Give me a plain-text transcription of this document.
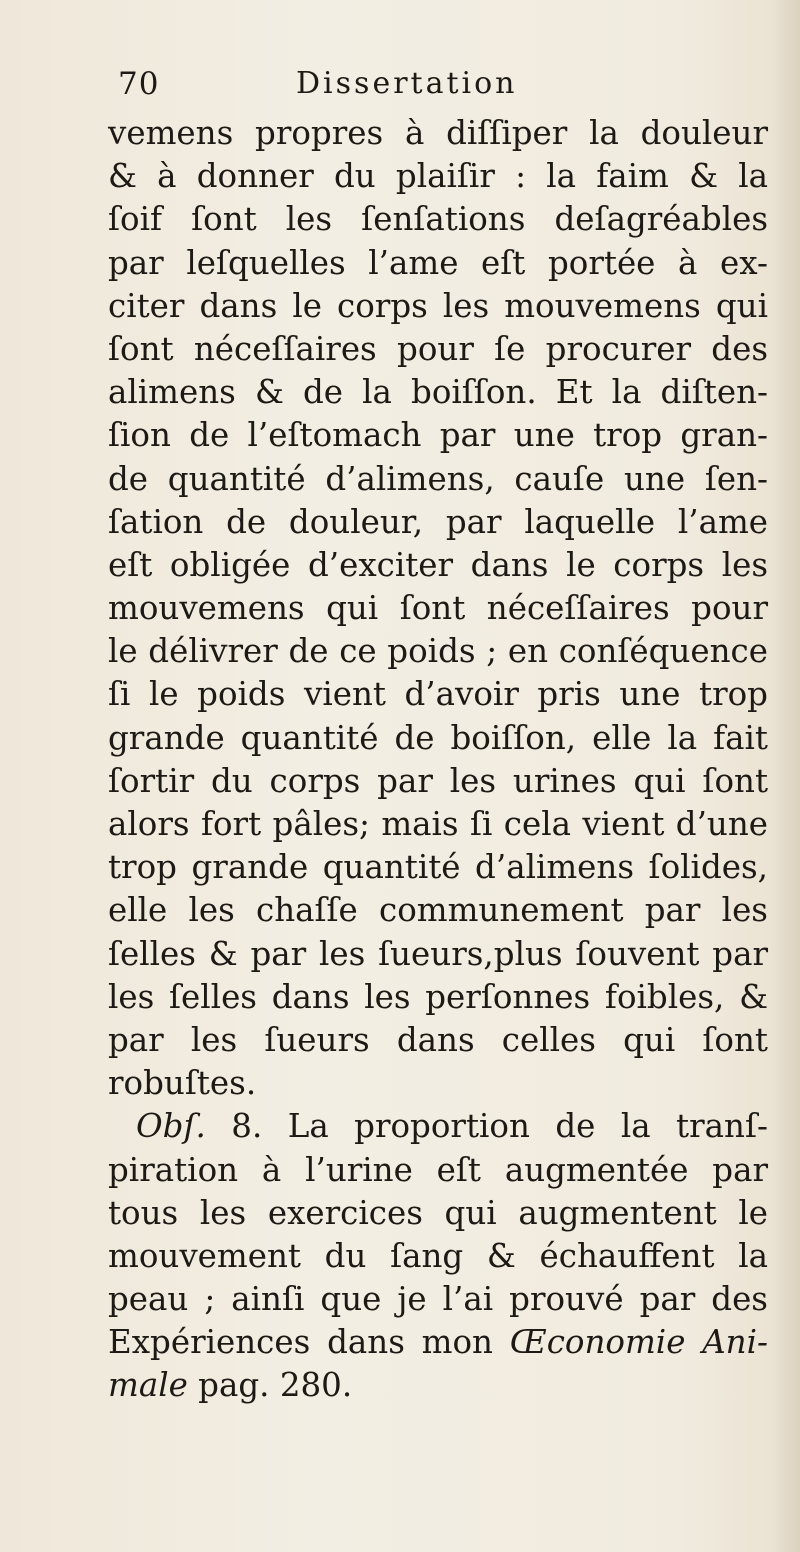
70	Dissertation
vemens propres à diſſiper la douleur
& à donner du plaiſir : la faim & la
ſoif ſont les ſenſations deſagréables
par leſquelles l’ame eſt portée à ex-
citer dans le corps les mouvemens qui
ſont néceſſaires pour ſe procurer des
alimens & de la boiſſon. Et la diſten-
ſion de l’eſtomach par une trop gran-
de quantité d’alimens, cauſe une ſen-
ſation de douleur, par laquelle l’ame
eſt obligée d’exciter dans le corps les
mouvemens qui ſont néceſſaires pour
le délivrer de ce poids ; en conſéquence
ſi le poids vient d’avoir pris une trop
grande quantité de boiſſon, elle la fait
ſortir du corps par les urines qui ſont
alors fort pâles; mais ſi cela vient d’une
trop grande quantité d’alimens ſolides,
elle les chaſſe communement par les
ſelles & par les ſueurs,plus ſouvent par
les ſelles dans les perſonnes foibles, &
par les ſueurs dans celles qui ſont
robuſtes.
Obſ. 8. La proportion de la tranſ-
piration à l’urine eſt augmentée par
tous les exercices qui augmentent le
mouvement du ſang & échauffent la
peau ; ainſi que je l’ai prouvé par des
Expériences dans mon Œconomie Ani-
male pag. 280.
